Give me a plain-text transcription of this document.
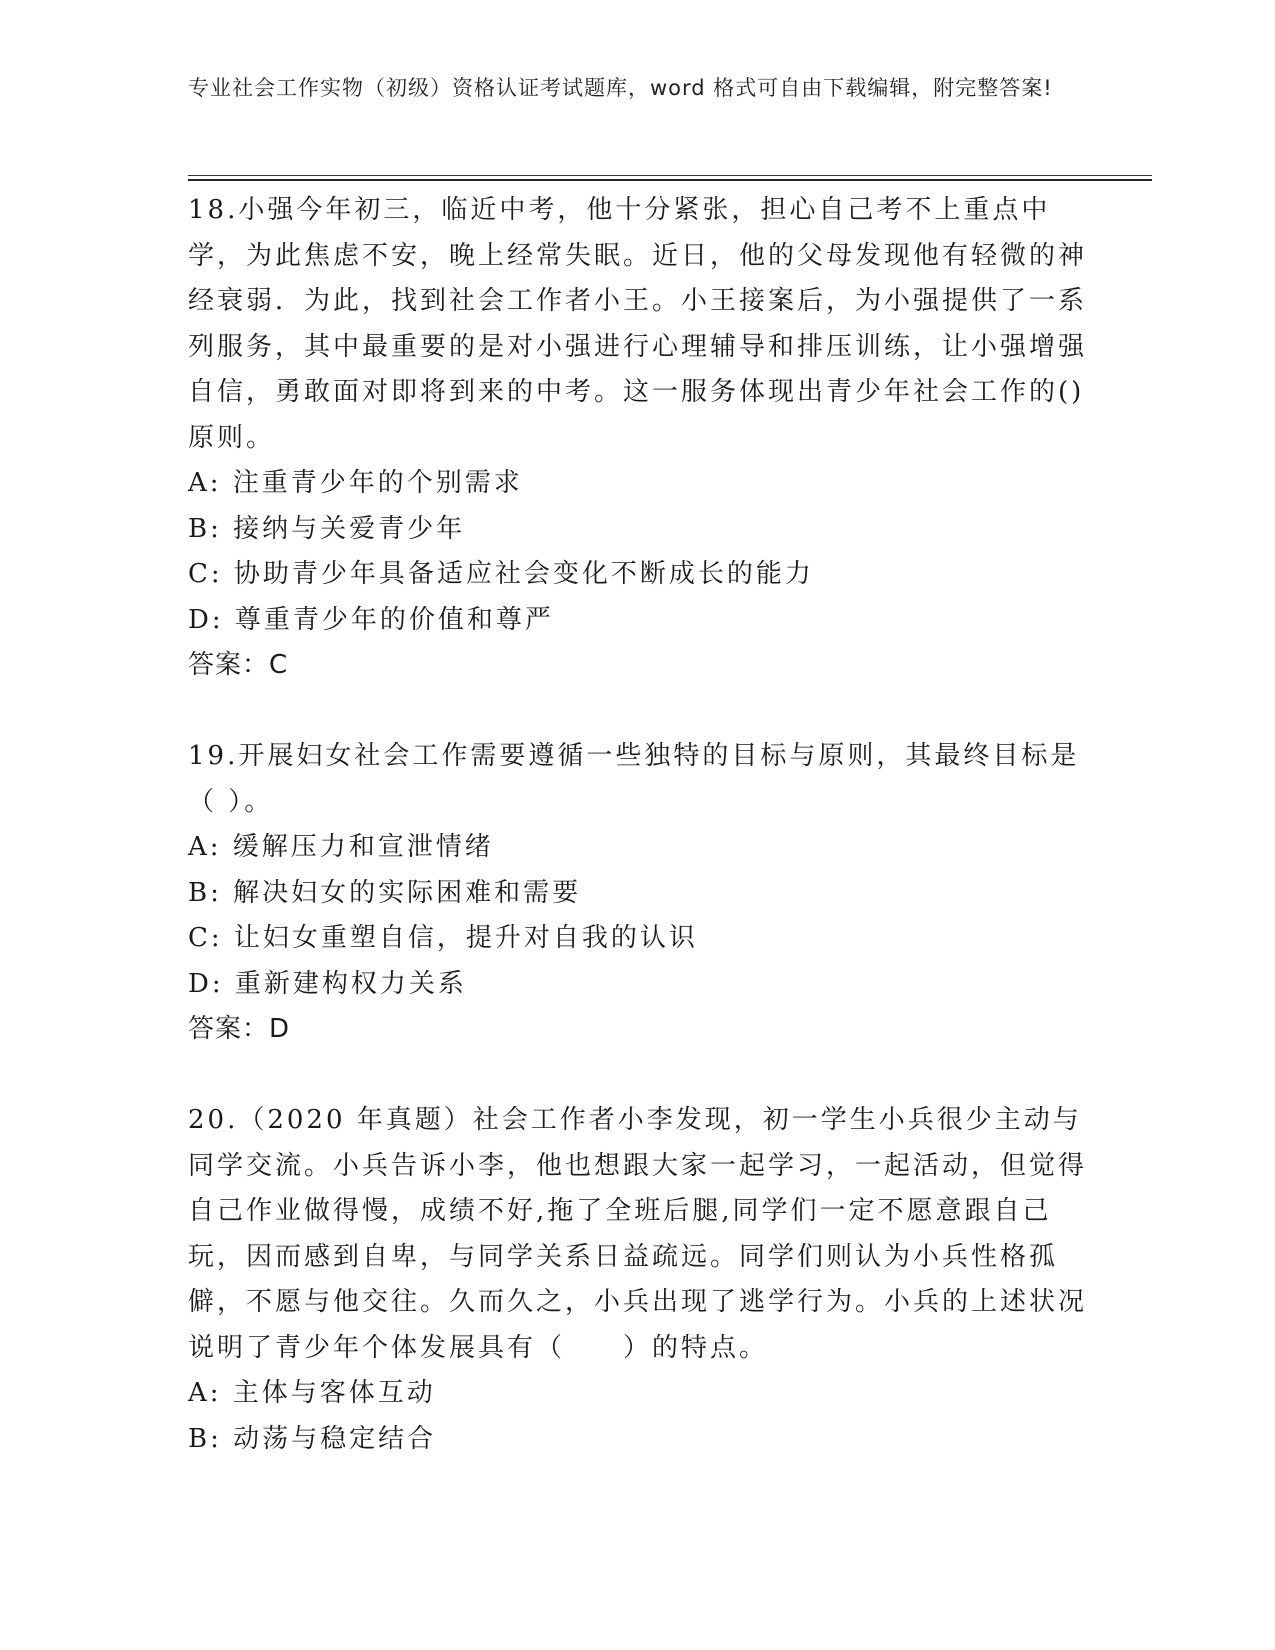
专业社会工作实物（初级）资格认证考试题库，word 格式可自由下载编辑，附完整答案!

18.小强今年初三，临近中考，他十分紧张，担心自己考不上重点中学，为此焦虑不安，晚上经常失眠。近日，他的父母发现他有轻微的神经衰弱．为此，找到社会工作者小王。小王接案后，为小强提供了一系列服务，其中最重要的是对小强进行心理辅导和排压训练，让小强增强自信，勇敢面对即将到来的中考。这一服务体现出青少年社会工作的()原则。

A: 注重青少年的个别需求

B: 接纳与关爱青少年

C: 协助青少年具备适应社会变化不断成长的能力

D: 尊重青少年的价值和尊严

答案：C

19.开展妇女社会工作需要遵循一些独特的目标与原则，其最终目标是（ ）。

A: 缓解压力和宣泄情绪

B: 解决妇女的实际困难和需要

C: 让妇女重塑自信，提升对自我的认识

D: 重新建构权力关系

答案：D

20.（2020 年真题）社会工作者小李发现，初一学生小兵很少主动与同学交流。小兵告诉小李，他也想跟大家一起学习，一起活动，但觉得自己作业做得慢，成绩不好,拖了全班后腿,同学们一定不愿意跟自己玩，因而感到自卑，与同学关系日益疏远。同学们则认为小兵性格孤僻，不愿与他交往。久而久之，小兵出现了逃学行为。小兵的上述状况说明了青少年个体发展具有（　　）的特点。

A: 主体与客体互动

B: 动荡与稳定结合
